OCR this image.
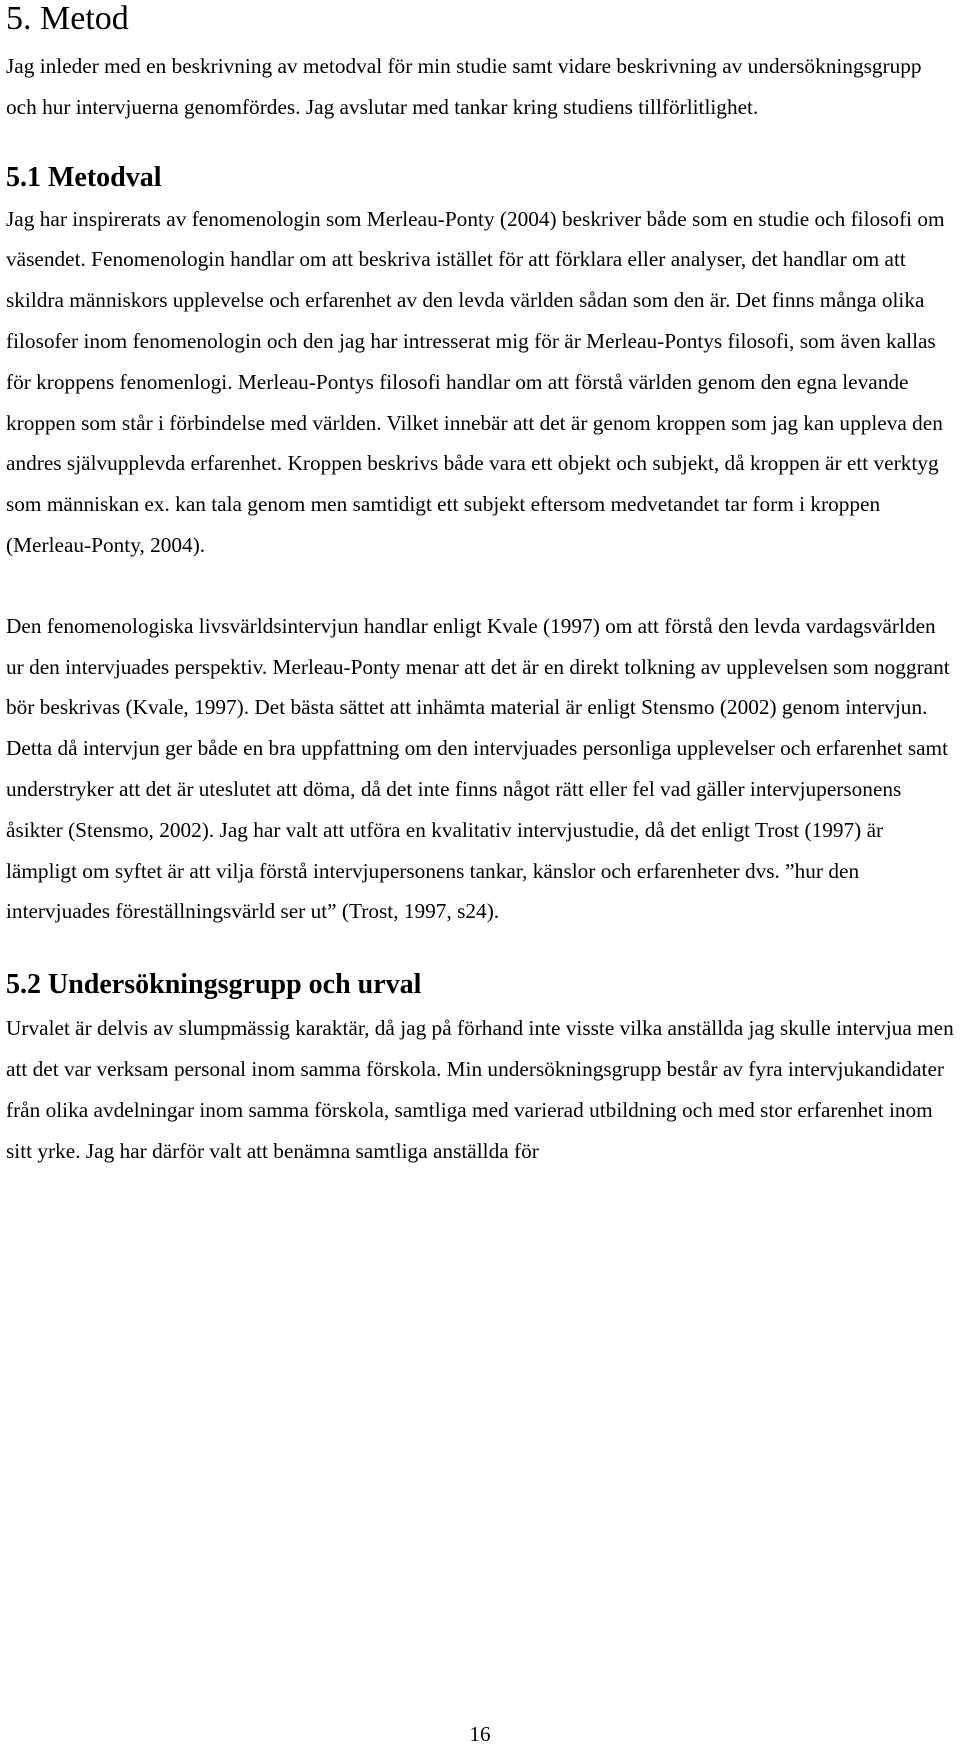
5. Metod

Jag inleder med en beskrivning av metodval för min studie samt vidare beskrivning av undersökningsgrupp och hur intervjuerna genomfördes. Jag avslutar med tankar kring studiens tillförlitlighet.

5.1 Metodval

Jag har inspirerats av fenomenologin som Merleau-Ponty (2004) beskriver både som en studie och filosofi om väsendet. Fenomenologin handlar om att beskriva istället för att förklara eller analyser, det handlar om att skildra människors upplevelse och erfarenhet av den levda världen sådan som den är. Det finns många olika filosofer inom fenomenologin och den jag har intresserat mig för är Merleau-Pontys filosofi, som även kallas för kroppens fenomenlogi. Merleau-Pontys filosofi handlar om att förstå världen genom den egna levande kroppen som står i förbindelse med världen. Vilket innebär att det är genom kroppen som jag kan uppleva den andres självupplevda erfarenhet. Kroppen beskrivs både vara ett objekt och subjekt, då kroppen är ett verktyg som människan ex. kan tala genom men samtidigt ett subjekt eftersom medvetandet tar form i kroppen (Merleau-Ponty, 2004).

Den fenomenologiska livsvärldsintervjun handlar enligt Kvale (1997) om att förstå den levda vardagsvärlden ur den intervjuades perspektiv. Merleau-Ponty menar att det är en direkt tolkning av upplevelsen som noggrant bör beskrivas (Kvale, 1997). Det bästa sättet att inhämta material är enligt Stensmo (2002) genom intervjun. Detta då intervjun ger både en bra uppfattning om den intervjuades personliga upplevelser och erfarenhet samt understryker att det är uteslutet att döma, då det inte finns något rätt eller fel vad gäller intervjupersonens åsikter (Stensmo, 2002). Jag har valt att utföra en kvalitativ intervjustudie, då det enligt Trost (1997) är lämpligt om syftet är att vilja förstå intervjupersonens tankar, känslor och erfarenheter dvs. ”hur den intervjuades föreställningsvärld ser ut” (Trost, 1997, s24).

5.2 Undersökningsgrupp och urval

Urvalet är delvis av slumpmässig karaktär, då jag på förhand inte visste vilka anställda jag skulle intervjua men att det var verksam personal inom samma förskola. Min undersökningsgrupp består av fyra intervjukandidater från olika avdelningar inom samma förskola, samtliga med varierad utbildning och med stor erfarenhet inom sitt yrke. Jag har därför valt att benämna samtliga anställda för

16
